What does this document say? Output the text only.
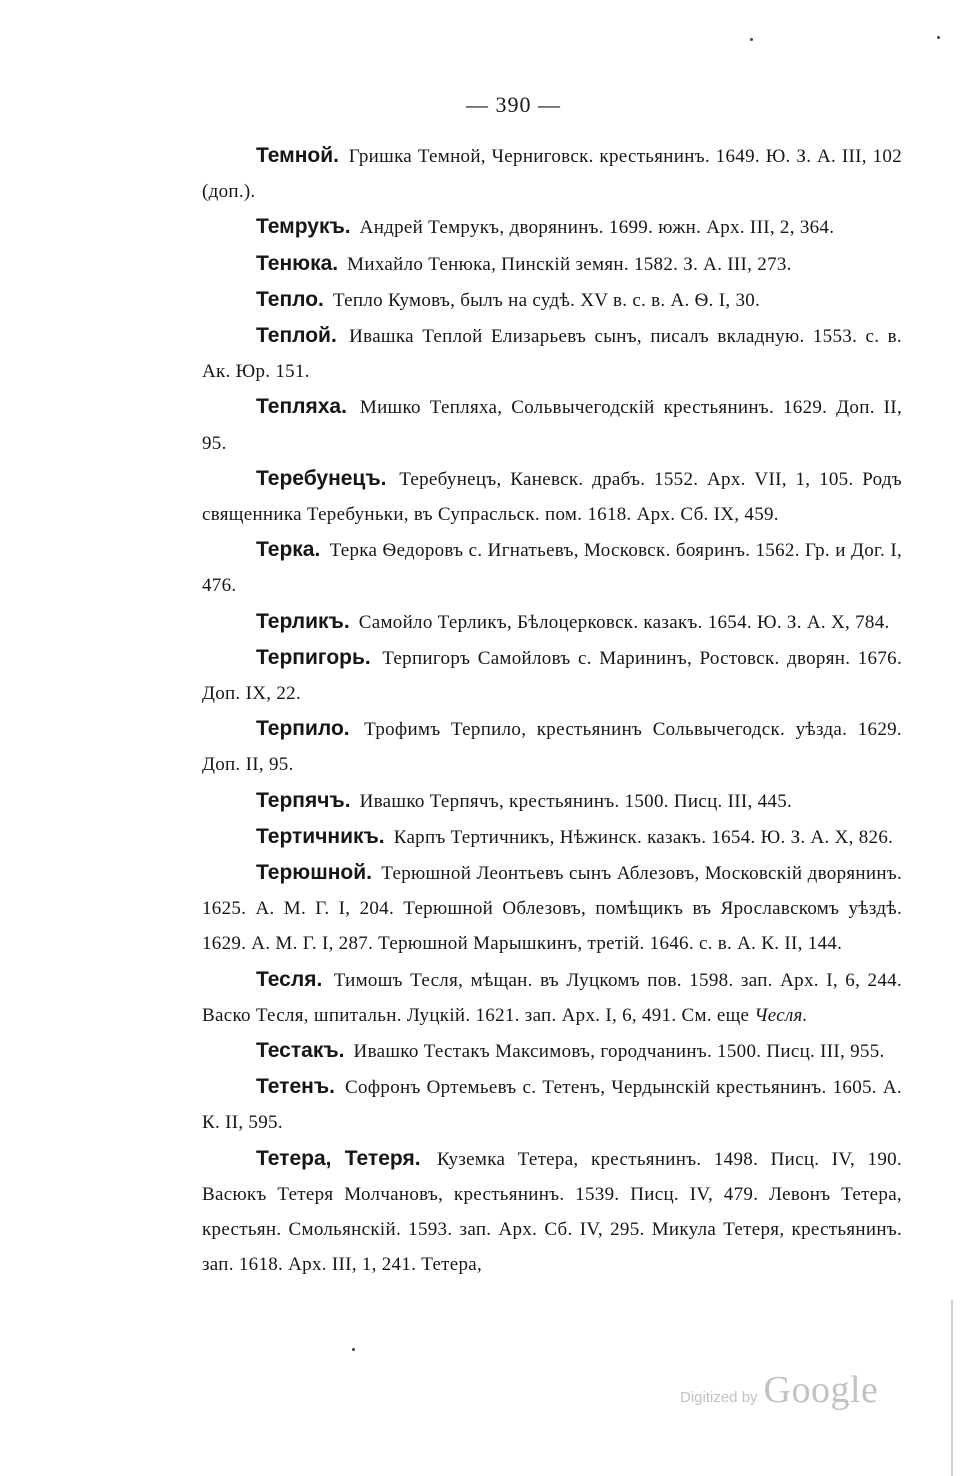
— 390 —

Темной. Гришка Темной, Черниговск. крестьянинъ. 1649. Ю. З. А. III, 102 (доп.).

Темрукъ. Андрей Темрукъ, дворянинъ. 1699. южн. Арх. III, 2, 364.

Тенюка. Михайло Тенюка, Пинскій земян. 1582. З. А. III, 273.

Тепло. Тепло Кумовъ, былъ на судѣ. XV в. с. в. А. Ѳ. I, 30.

Теплой. Ивашка Теплой Елизарьевъ сынъ, писалъ вкладную. 1553. с. в. Ак. Юр. 151.

Тепляха. Мишко Тепляха, Сольвычегодскій крестьянинъ. 1629. Доп. II, 95.

Теребунецъ. Теребунецъ, Каневск. драбъ. 1552. Арх. VII, 1, 105. Родъ священника Теребуньки, въ Супрасльск. пом. 1618. Арх. Сб. IX, 459.

Терка. Терка Ѳедоровъ с. Игнатьевъ, Московск. бояринъ. 1562. Гр. и Дог. I, 476.

Терликъ. Самойло Терликъ, Бѣлоцерковск. казакъ. 1654. Ю. З. А. X, 784.

Терпигорь. Терпигоръ Самойловъ с. Марининъ, Ростовск. дворян. 1676. Доп. IX, 22.

Терпило. Трофимъ Терпило, крестьянинъ Сольвычегодск. уѣзда. 1629. Доп. II, 95.

Терпячъ. Ивашко Терпячъ, крестьянинъ. 1500. Писц. III, 445.

Тертичникъ. Карпъ Тертичникъ, Нѣжинск. казакъ. 1654. Ю. З. А. X, 826.

Терюшной. Терюшной Леонтьевъ сынъ Аблезовъ, Московскій дворянинъ. 1625. А. М. Г. I, 204. Терюшной Облезовъ, помѣщикъ въ Ярославскомъ уѣздѣ. 1629. А. М. Г. I, 287. Терюшной Марышкинъ, третій. 1646. с. в. А. К. II, 144.

Тесля. Тимошъ Тесля, мѣщан. въ Луцкомъ пов. 1598. зап. Арх. I, 6, 244. Васко Тесля, шпитальн. Луцкій. 1621. зап. Арх. I, 6, 491. См. еще Чесля.

Тестакъ. Ивашко Тестакъ Максимовъ, городчанинъ. 1500. Писц. III, 955.

Тетенъ. Софронъ Ортемьевъ с. Тетенъ, Чердынскій крестьянинъ. 1605. А. К. II, 595.

Тетера, Тетеря. Куземка Тетера, крестьянинъ. 1498. Писц. IV, 190. Васюкъ Тетеря Молчановъ, крестьянинъ. 1539. Писц. IV, 479. Левонъ Тетера, крестьян. Смольянскій. 1593. зап. Арх. Сб. IV, 295. Микула Тетеря, крестьянинъ. зап. 1618. Арх. III, 1, 241. Тетера,

Digitized by Google
